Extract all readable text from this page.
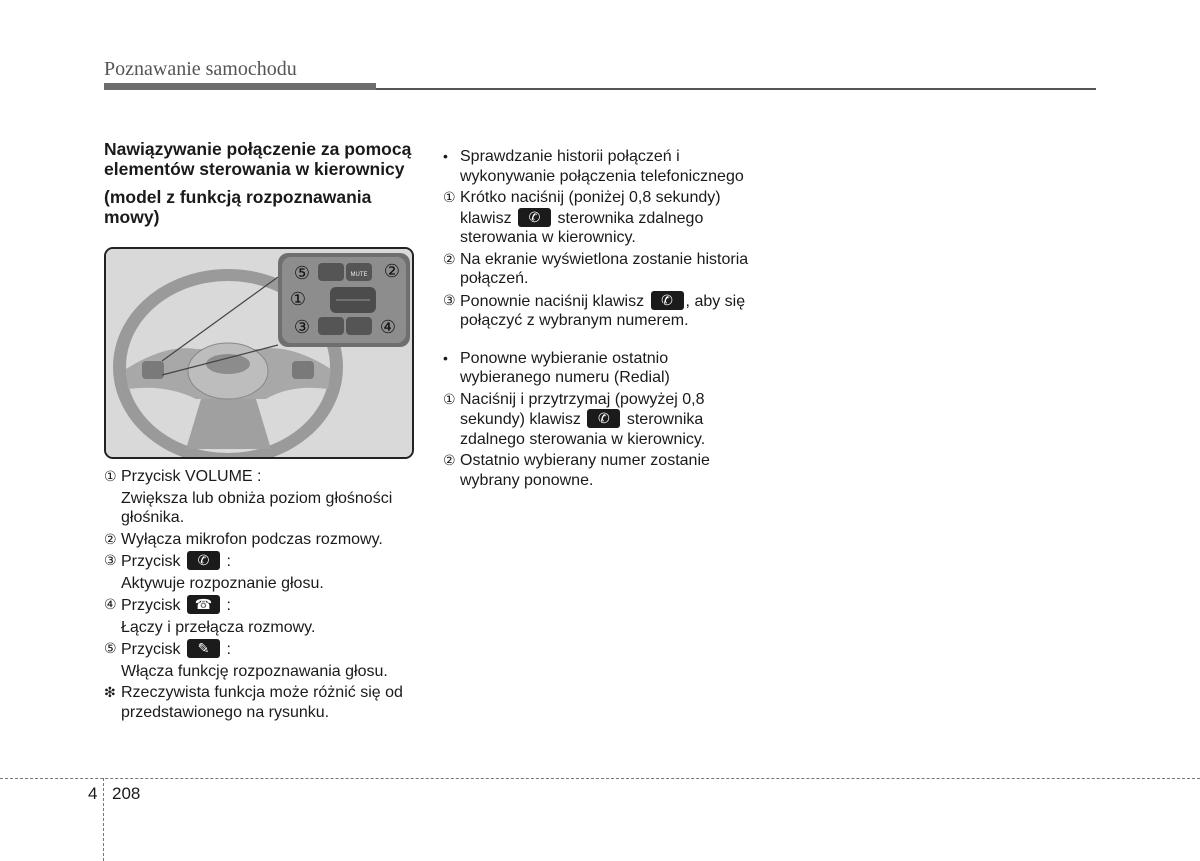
Poznawanie samochodu

Nawiązywanie połączenie za pomocą elementów sterowania w kierownicy

(model z funkcją rozpoznawania mowy)

MUTE
⑤	②
①
③	④
① Przycisk VOLUME :
Zwiększa lub obniża poziom głośności głośnika.
② Wyłącza mikrofon podczas rozmowy.
③ Przycisk	✆	:
Aktywuje rozpoznanie głosu.
④ Przycisk	☎ :
Łączy i przełącza rozmowy.
⑤ Przycisk	✎	:
Włącza funkcję rozpoznawania głosu.
❇ Rzeczywista funkcja może różnić się od przedstawionego na rysunku.
• Sprawdzanie historii połączeń i wykonywanie połączenia telefonicznego
① Krótko naciśnij (poniżej 0,8 sekundy) klawisz	✆	sterownika zdalnego sterowania w kierownicy.
② Na ekranie wyświetlona zostanie historia połączeń.
③ Ponownie naciśnij klawisz	✆ , aby się połączyć z wybranym numerem.
• Ponowne wybieranie ostatnio wybieranego numeru (Redial)
① Naciśnij i przytrzymaj (powyżej 0,8 sekundy) klawisz	✆	sterownika zdalnego sterowania w kierownicy.
② Ostatnio wybierany numer zostanie wybrany ponowne.
4 208
